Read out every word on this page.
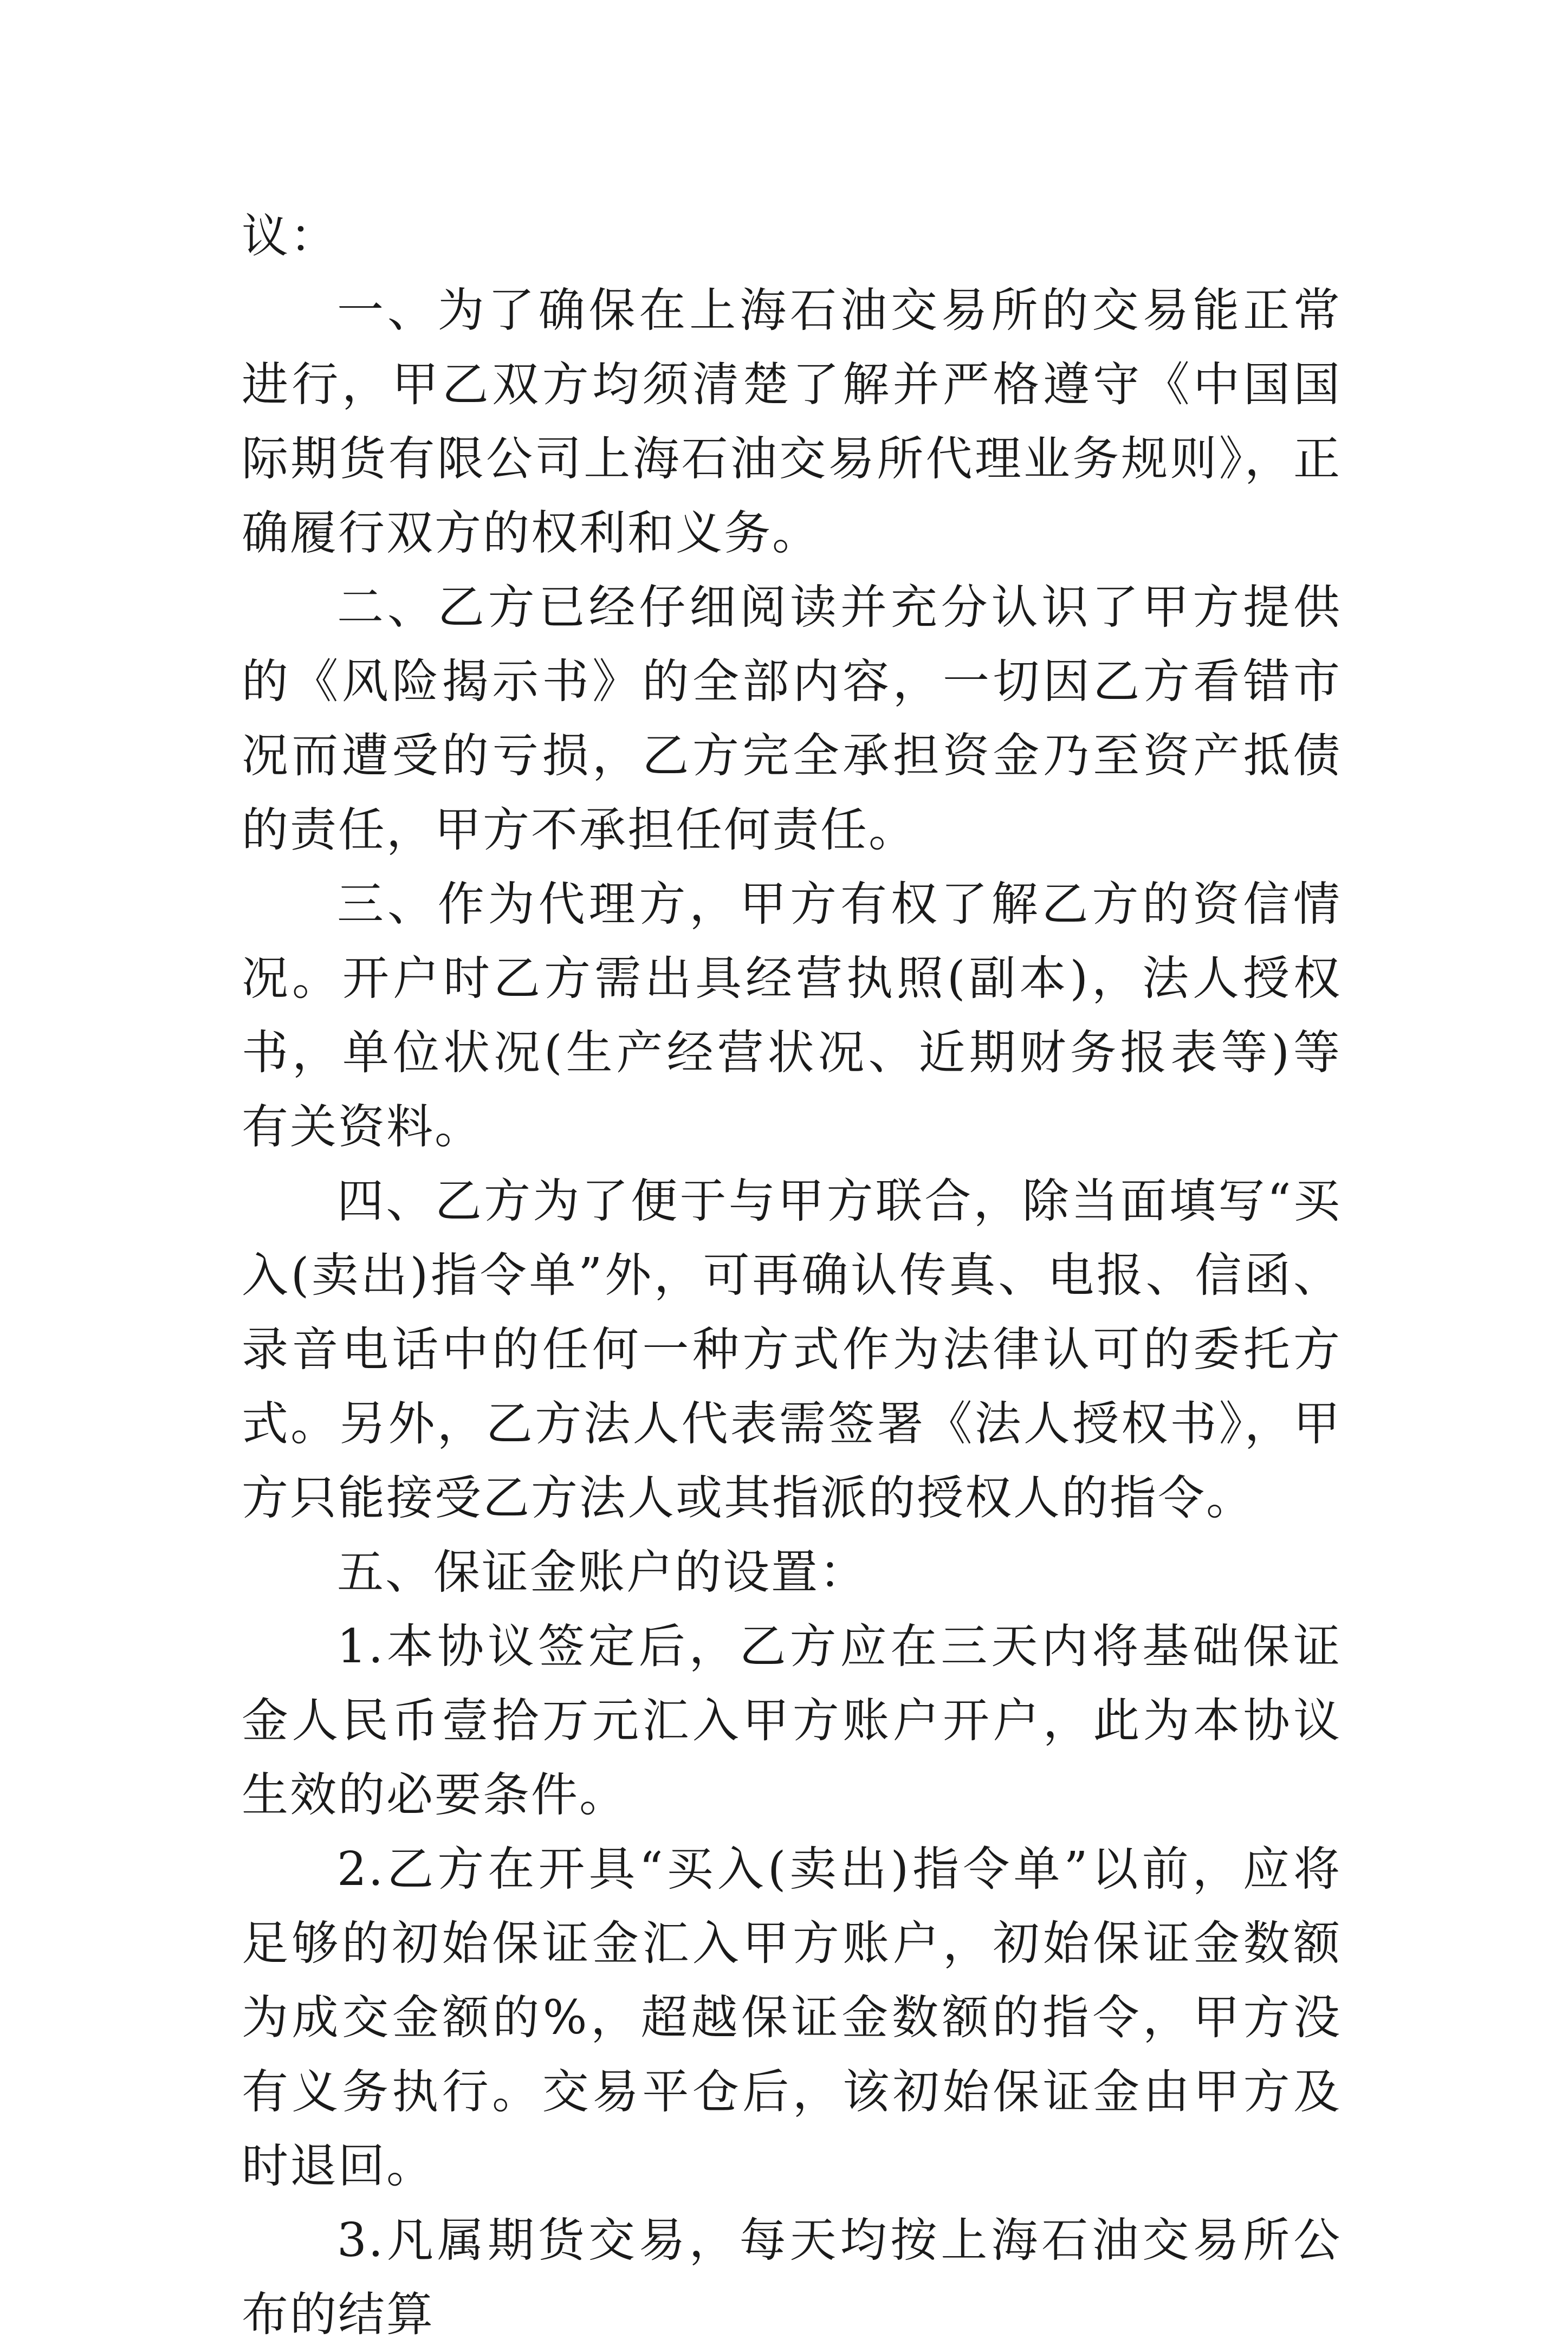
议：

一、为了确保在上海石油交易所的交易能正常进行，甲乙双方均须清楚了解并严格遵守《中国国际期货有限公司上海石油交易所代理业务规则》，正确履行双方的权利和义务。

二、乙方已经仔细阅读并充分认识了甲方提供的《风险揭示书》的全部内容，一切因乙方看错市况而遭受的亏损，乙方完全承担资金乃至资产抵债的责任，甲方不承担任何责任。

三、作为代理方，甲方有权了解乙方的资信情况。开户时乙方需出具经营执照(副本)，法人授权书，单位状况(生产经营状况、近期财务报表等)等有关资料。

四、乙方为了便于与甲方联合，除当面填写“买入(卖出)指令单”外，可再确认传真、电报、信函、录音电话中的任何一种方式作为法律认可的委托方式。另外，乙方法人代表需签署《法人授权书》，甲方只能接受乙方法人或其指派的授权人的指令。

五、保证金账户的设置：

1.本协议签定后，乙方应在三天内将基础保证金人民币壹拾万元汇入甲方账户开户，此为本协议生效的必要条件。

2.乙方在开具“买入(卖出)指令单”以前，应将足够的初始保证金汇入甲方账户，初始保证金数额为成交金额的%，超越保证金数额的指令，甲方没有义务执行。交易平仓后，该初始保证金由甲方及时退回。

3.凡属期货交易，每天均按上海石油交易所公布的结算
